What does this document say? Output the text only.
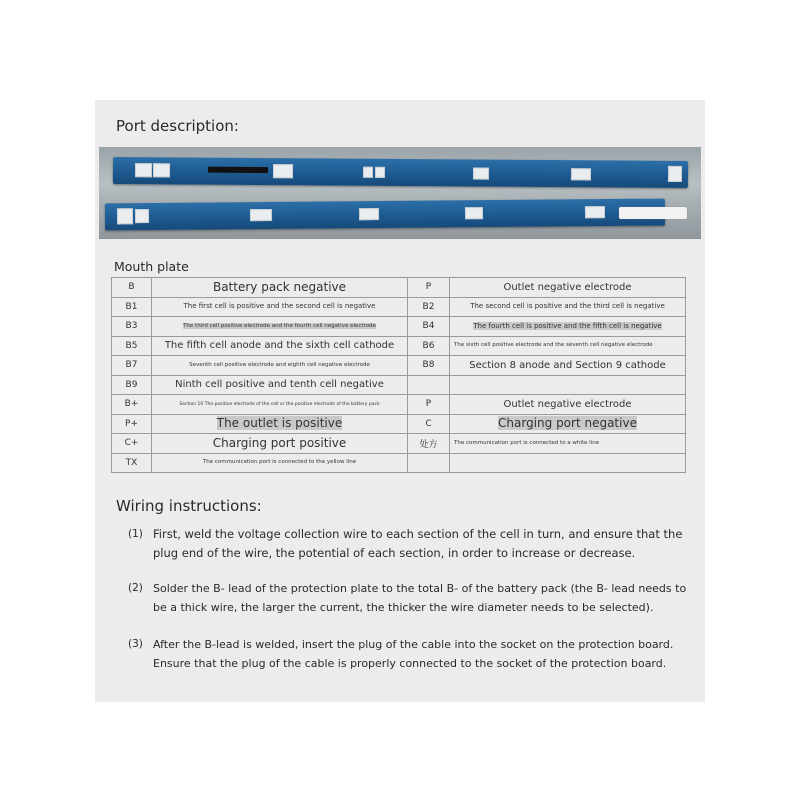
Port description:
Mouth plate
B	Battery pack negative	P	Outlet negative electrode
B1	The first cell is positive and the second cell is negative	B2	The second cell is positive and the third cell is negative
B3	The third cell positive electrode and the fourth cell negative electrode	B4	The fourth cell is positive and the fifth cell is negative
B5	The fifth cell anode and the sixth cell cathode	B6	The sixth cell positive electrode and the seventh cell negative electrode
B7	Seventh cell positive electrode and eighth cell negative electrode	B8	Section 8 anode and Section 9 cathode
B9	Ninth cell positive and tenth cell negative		
B+	Section 10 The positive electrode of the cell or the positive electrode of the battery pack	P	Outlet negative electrode
P+	The outlet is positive	C	Charging port negative
C+	Charging port positive	处方	The communication port is connected to a white line
TX	The communication port is connected to the yellow line		
Wiring instructions:
(1) First, weld the voltage collection wire to each section of the cell in turn, and ensure that the plug end of the wire, the potential of each section, in order to increase or decrease.
(2) Solder the B- lead of the protection plate to the total B- of the battery pack (the B- lead needs to be a thick wire, the larger the current, the thicker the wire diameter needs to be selected).
(3) After the B-lead is welded, insert the plug of the cable into the socket on the protection board. Ensure that the plug of the cable is properly connected to the socket of the protection board.
